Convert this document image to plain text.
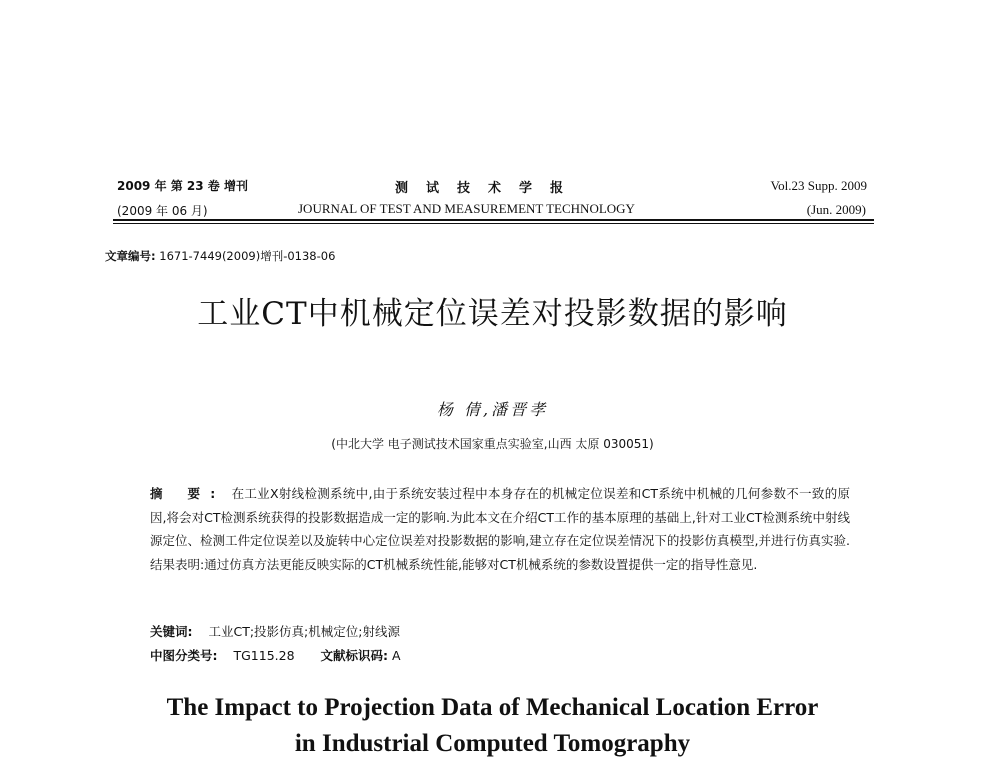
2009 年 第 23 卷 增刊
(2009 年 06 月)
测试技术学报
JOURNAL OF TEST AND MEASUREMENT TECHNOLOGY
Vol.23 Supp. 2009
(Jun. 2009)
文章编号: 1671-7449(2009)增刊-0138-06
工业CT中机械定位误差对投影数据的影响
杨 倩,潘晋孝
(中北大学 电子测试技术国家重点实验室,山西 太原 030051)
摘 要: 在工业X射线检测系统中,由于系统安装过程中本身存在的机械定位误差和CT系统中机械的几何参数不一致的原因,将会对CT检测系统获得的投影数据造成一定的影响.为此本文在介绍CT工作的基本原理的基础上,针对工业CT检测系统中射线源定位、检测工件定位误差以及旋转中心定位误差对投影数据的影响,建立存在定位误差情况下的投影仿真模型,并进行仿真实验.结果表明:通过仿真方法更能反映实际的CT机械系统性能,能够对CT机械系统的参数设置提供一定的指导性意见.
关键词: 工业CT;投影仿真;机械定位;射线源
中图分类号: TG115.28 文献标识码: A
The Impact to Projection Data of Mechanical Location Error
in Industrial Computed Tomography
